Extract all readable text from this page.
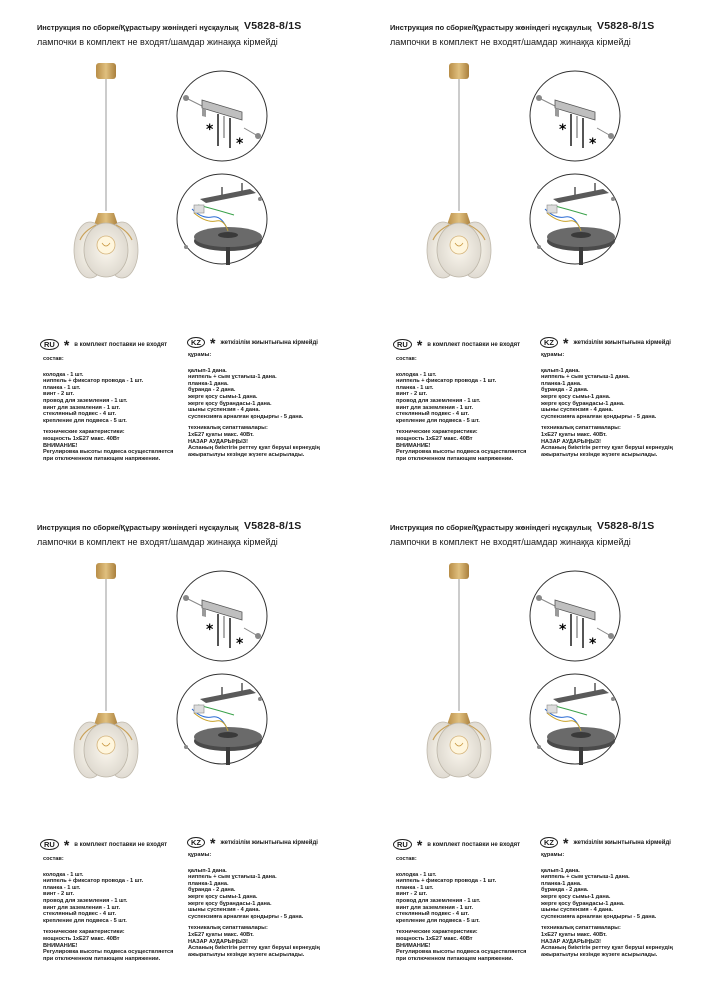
Инструкция по сборке/Құрастыру жөніндегі нұсқаулық V5828-8/1S
лампочки в комплект не входят/шамдар жинаққа кірмейді
*
*
RU * в комплект поставки не входят	KZ * жеткізілім жиынтығына кірмейді
состав:
колодка - 1 шт.
ниппель + фиксатор провода - 1 шт.
планка - 1 шт.
винт - 2 шт.
провод для заземления - 1 шт.
винт для заземления - 1 шт.
стеклянный подвес - 4 шт.
крепление для подвеса - 5 шт.
технические характеристики:
мощность 1хЕ27 макс. 40Вт
ВНИМАНИЕ!
Регулировка высоты подвеса осуществляется
при отключенном питающем напряжении.
құрамы:
қалып-1 дана.
ниппель + сым ұстағыш-1 дана.
планка-1 дана.
бұранда - 2 дана.
жерге қосу сымы-1 дана.
жерге қосу бұрандасы-1 дана.
шыны суспензия - 4 дана.
суспензияға арналған қондырғы - 5 дана.
техникалық сипаттамалары:
1хЕ27 қуаты макс. 40Вт.
НАЗАР АУДАРЫҢЫЗ!
Аспаның биіктігін реттеу қуат беруші кернеудің
ажыратылуы кезінде жүзеге асырылады.
Инструкция по сборке/Құрастыру жөніндегі нұсқаулық V5828-8/1S
лампочки в комплект не входят/шамдар жинаққа кірмейді
*
*
RU * в комплект поставки не входят	KZ * жеткізілім жиынтығына кірмейді
состав:
колодка - 1 шт.
ниппель + фиксатор провода - 1 шт.
планка - 1 шт.
винт - 2 шт.
провод для заземления - 1 шт.
винт для заземления - 1 шт.
стеклянный подвес - 4 шт.
крепление для подвеса - 5 шт.
технические характеристики:
мощность 1хЕ27 макс. 40Вт
ВНИМАНИЕ!
Регулировка высоты подвеса осуществляется
при отключенном питающем напряжении.
құрамы:
қалып-1 дана.
ниппель + сым ұстағыш-1 дана.
планка-1 дана.
бұранда - 2 дана.
жерге қосу сымы-1 дана.
жерге қосу бұрандасы-1 дана.
шыны суспензия - 4 дана.
суспензияға арналған қондырғы - 5 дана.
техникалық сипаттамалары:
1хЕ27 қуаты макс. 40Вт.
НАЗАР АУДАРЫҢЫЗ!
Аспаның биіктігін реттеу қуат беруші кернеудің
ажыратылуы кезінде жүзеге асырылады.
Инструкция по сборке/Құрастыру жөніндегі нұсқаулық V5828-8/1S
лампочки в комплект не входят/шамдар жинаққа кірмейді
*
*
RU * в комплект поставки не входят	KZ * жеткізілім жиынтығына кірмейді
состав:
колодка - 1 шт.
ниппель + фиксатор провода - 1 шт.
планка - 1 шт.
винт - 2 шт.
провод для заземления - 1 шт.
винт для заземления - 1 шт.
стеклянный подвес - 4 шт.
крепление для подвеса - 5 шт.
технические характеристики:
мощность 1хЕ27 макс. 40Вт
ВНИМАНИЕ!
Регулировка высоты подвеса осуществляется
при отключенном питающем напряжении.
құрамы:
қалып-1 дана.
ниппель + сым ұстағыш-1 дана.
планка-1 дана.
бұранда - 2 дана.
жерге қосу сымы-1 дана.
жерге қосу бұрандасы-1 дана.
шыны суспензия - 4 дана.
суспензияға арналған қондырғы - 5 дана.
техникалық сипаттамалары:
1хЕ27 қуаты макс. 40Вт.
НАЗАР АУДАРЫҢЫЗ!
Аспаның биіктігін реттеу қуат беруші кернеудің
ажыратылуы кезінде жүзеге асырылады.
Инструкция по сборке/Құрастыру жөніндегі нұсқаулық V5828-8/1S
лампочки в комплект не входят/шамдар жинаққа кірмейді
*
*
RU * в комплект поставки не входят	KZ * жеткізілім жиынтығына кірмейді
состав:
колодка - 1 шт.
ниппель + фиксатор провода - 1 шт.
планка - 1 шт.
винт - 2 шт.
провод для заземления - 1 шт.
винт для заземления - 1 шт.
стеклянный подвес - 4 шт.
крепление для подвеса - 5 шт.
технические характеристики:
мощность 1хЕ27 макс. 40Вт
ВНИМАНИЕ!
Регулировка высоты подвеса осуществляется
при отключенном питающем напряжении.
құрамы:
қалып-1 дана.
ниппель + сым ұстағыш-1 дана.
планка-1 дана.
бұранда - 2 дана.
жерге қосу сымы-1 дана.
жерге қосу бұрандасы-1 дана.
шыны суспензия - 4 дана.
суспензияға арналған қондырғы - 5 дана.
техникалық сипаттамалары:
1хЕ27 қуаты макс. 40Вт.
НАЗАР АУДАРЫҢЫЗ!
Аспаның биіктігін реттеу қуат беруші кернеудің
ажыратылуы кезінде жүзеге асырылады.
